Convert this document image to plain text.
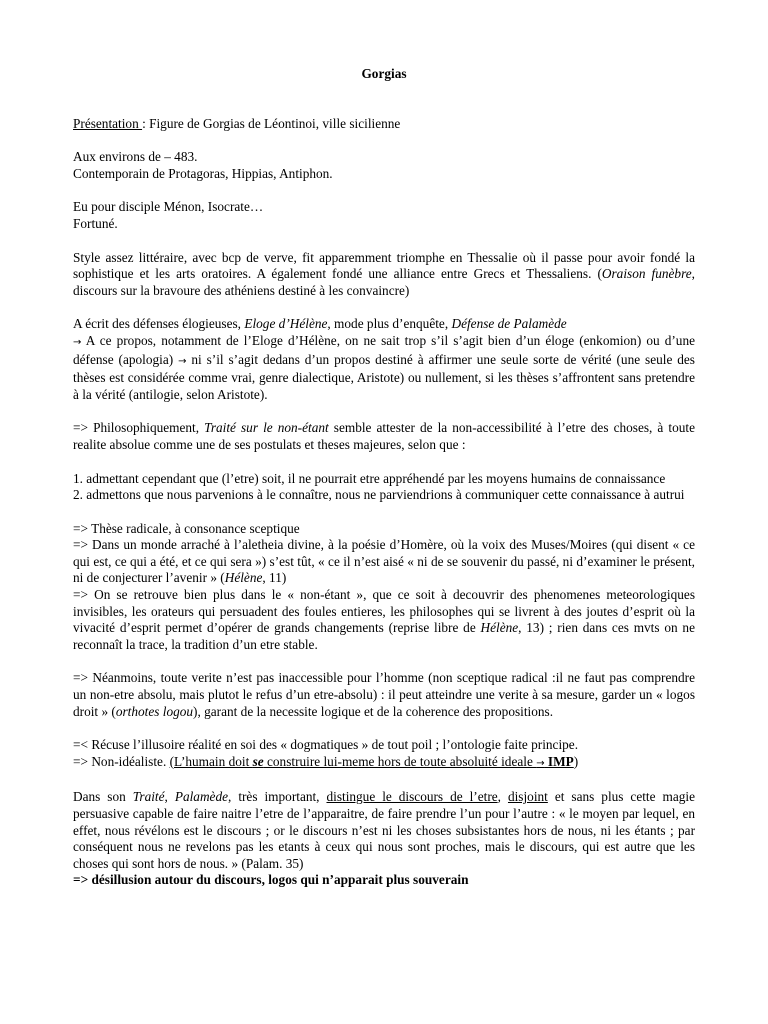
Gorgias

Présentation : Figure de Gorgias de Léontinoi, ville sicilienne

Aux environs de – 483.
Contemporain de Protagoras, Hippias, Antiphon.

Eu pour disciple Ménon, Isocrate…
Fortuné.

Style assez littéraire, avec bcp de verve, fit apparemment triomphe en Thessalie où il passe pour avoir fondé la sophistique et les arts oratoires. A également fondé une alliance entre Grecs et Thessaliens. (Oraison funèbre, discours sur la bravoure des athéniens destiné à les convaincre)

A écrit des défenses élogieuses, Eloge d’Hélène, mode plus d’enquête, Défense de Palamède
→ A ce propos, notamment de l’Eloge d’Hélène, on ne sait trop s’il s’agit bien d’un éloge (enkomion) ou d’une défense (apologia) → ni s’il s’agit dedans d’un propos destiné à affirmer une seule sorte de vérité (une seule des thèses est considérée comme vrai, genre dialectique, Aristote) ou nullement, si les thèses s’affrontent sans pretendre à la vérité (antilogie, selon Aristote).

=> Philosophiquement, Traité sur le non-étant semble attester de la non-accessibilité à l’etre des choses, à toute realite absolue comme une de ses postulats et theses majeures, selon que :

1. admettant cependant que (l’etre) soit, il ne pourrait etre appréhendé par les moyens humains de connaissance
2. admettons que nous parvenions à le connaître, nous ne parviendrions à communiquer cette connaissance à autrui

=> Thèse radicale, à consonance sceptique
=> Dans un monde arraché à l’aletheia divine, à la poésie d’Homère, où la voix des Muses/Moires (qui disent « ce qui est, ce qui a été, et ce qui sera ») s’est tût, « ce il n’est aisé « ni de se souvenir du passé, ni d’examiner le présent, ni de conjecturer l’avenir » (Hélène, 11)
=> On se retrouve bien plus dans le « non-étant », que ce soit à decouvrir des phenomenes meteorologiques invisibles, les orateurs qui persuadent des foules entieres, les philosophes qui se livrent à des joutes d’esprit où la vivacité d’esprit permet d’opérer de grands changements (reprise libre de Hélène, 13) ; rien dans ces mvts on ne reconnaît la trace, la tradition d’un etre stable.

=> Néanmoins, toute verite n’est pas inaccessible pour l’homme (non sceptique radical :il ne faut pas comprendre un non-etre absolu, mais plutot le refus d’un etre-absolu) : il peut atteindre une verite à sa mesure, garder un « logos droit » (orthotes logou), garant de la necessite logique et de la coherence des propositions.

=< Récuse l’illusoire réalité en soi des « dogmatiques » de tout poil ; l’ontologie faite principe.
=> Non-idéaliste. (L’humain doit se construire lui-meme hors de toute absoluité ideale → IMP)

Dans son Traité, Palamède, très important, distingue le discours de l’etre, disjoint et sans plus cette magie persuasive capable de faire naitre l’etre de l’apparaitre, de faire prendre l’un pour l’autre : « le moyen par lequel, en effet, nous révélons est le discours ; or le discours n’est ni les choses subsistantes hors de nous, ni les étants ; par conséquent nous ne revelons pas les etants à ceux qui nous sont proches, mais le discours, qui est autre que les choses qui sont hors de nous. » (Palam. 35)

=> désillusion autour du discours, logos qui n’apparait plus souverain
